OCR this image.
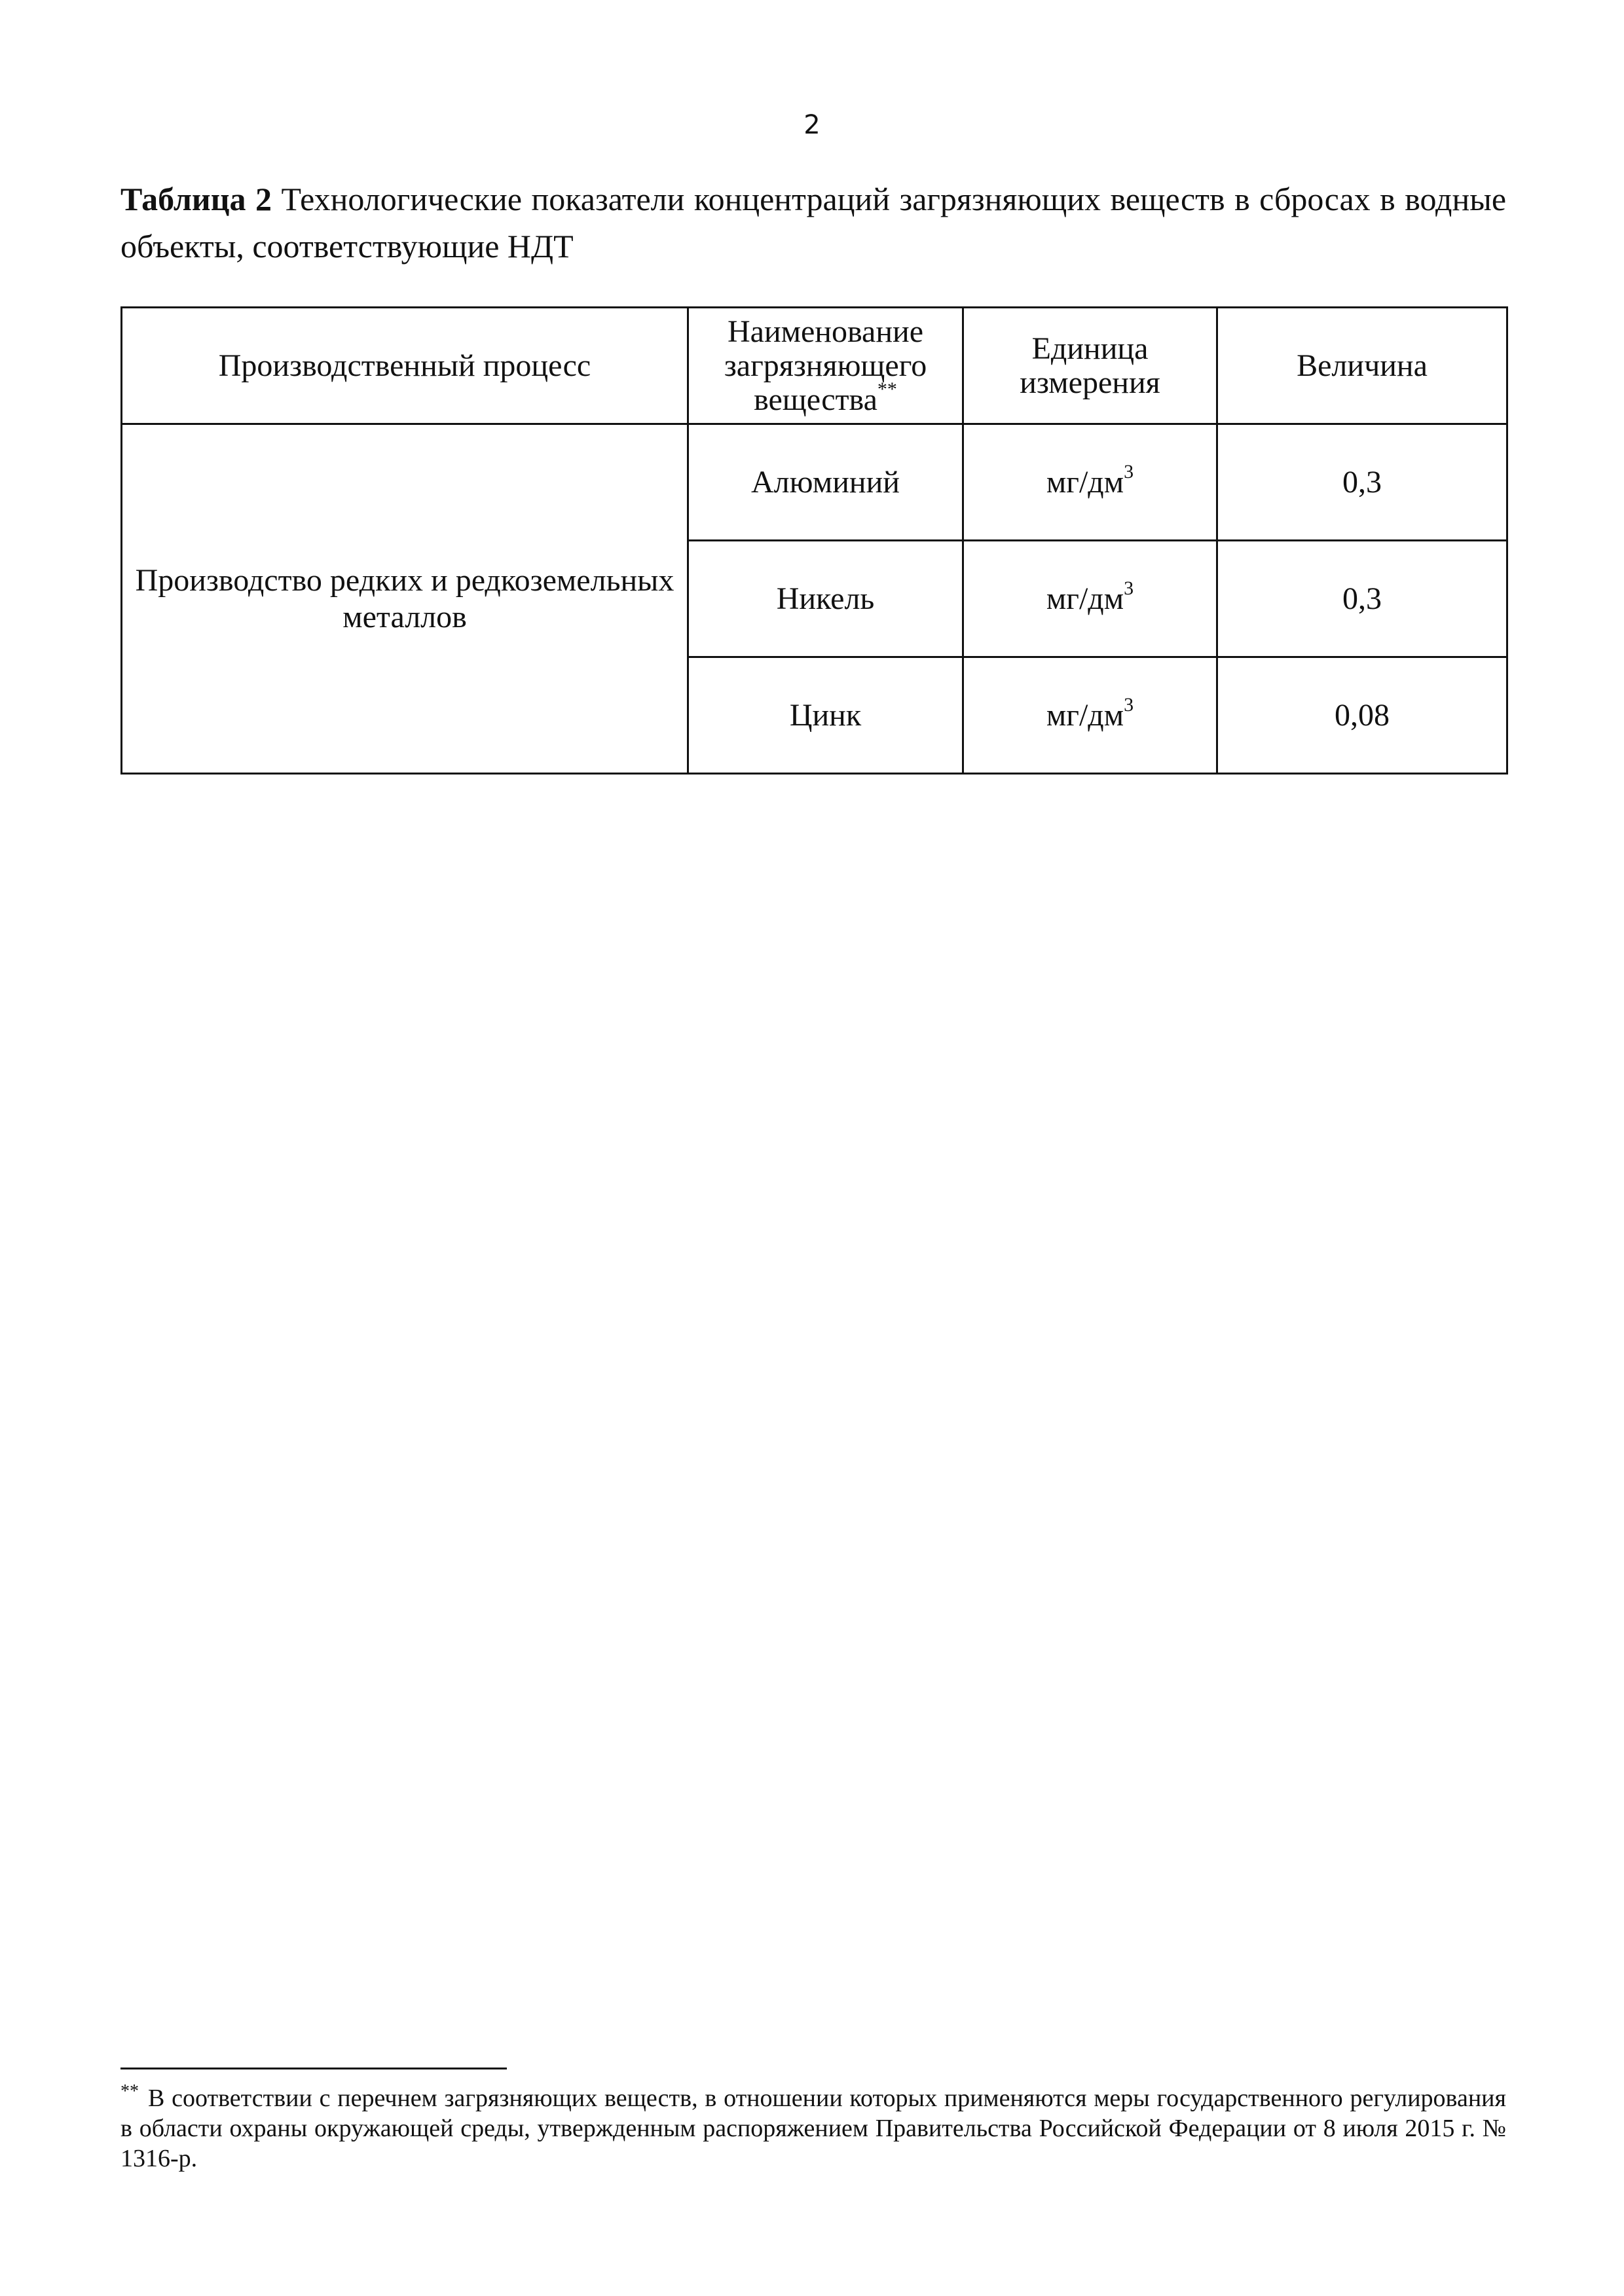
2
Таблица 2 Технологические показатели концентраций загрязняющих веществ в сбросах в водные объекты, соответствующие НДТ
Производственный процесс	Наименование загрязняющего вещества**	Единица измерения	Величина
Производство редких и редкоземельных металлов	Алюминий	$мг/дм^3$	0,3
	Никель	$мг/дм^3$	0,3
	Цинк	$мг/дм^3$	0,08
** В соответствии с перечнем загрязняющих веществ, в отношении которых применяются меры государственного регулирования в области охраны окружающей среды, утвержденным распоряжением Правительства Российской Федерации от 8 июля 2015 г. № 1316-р.
